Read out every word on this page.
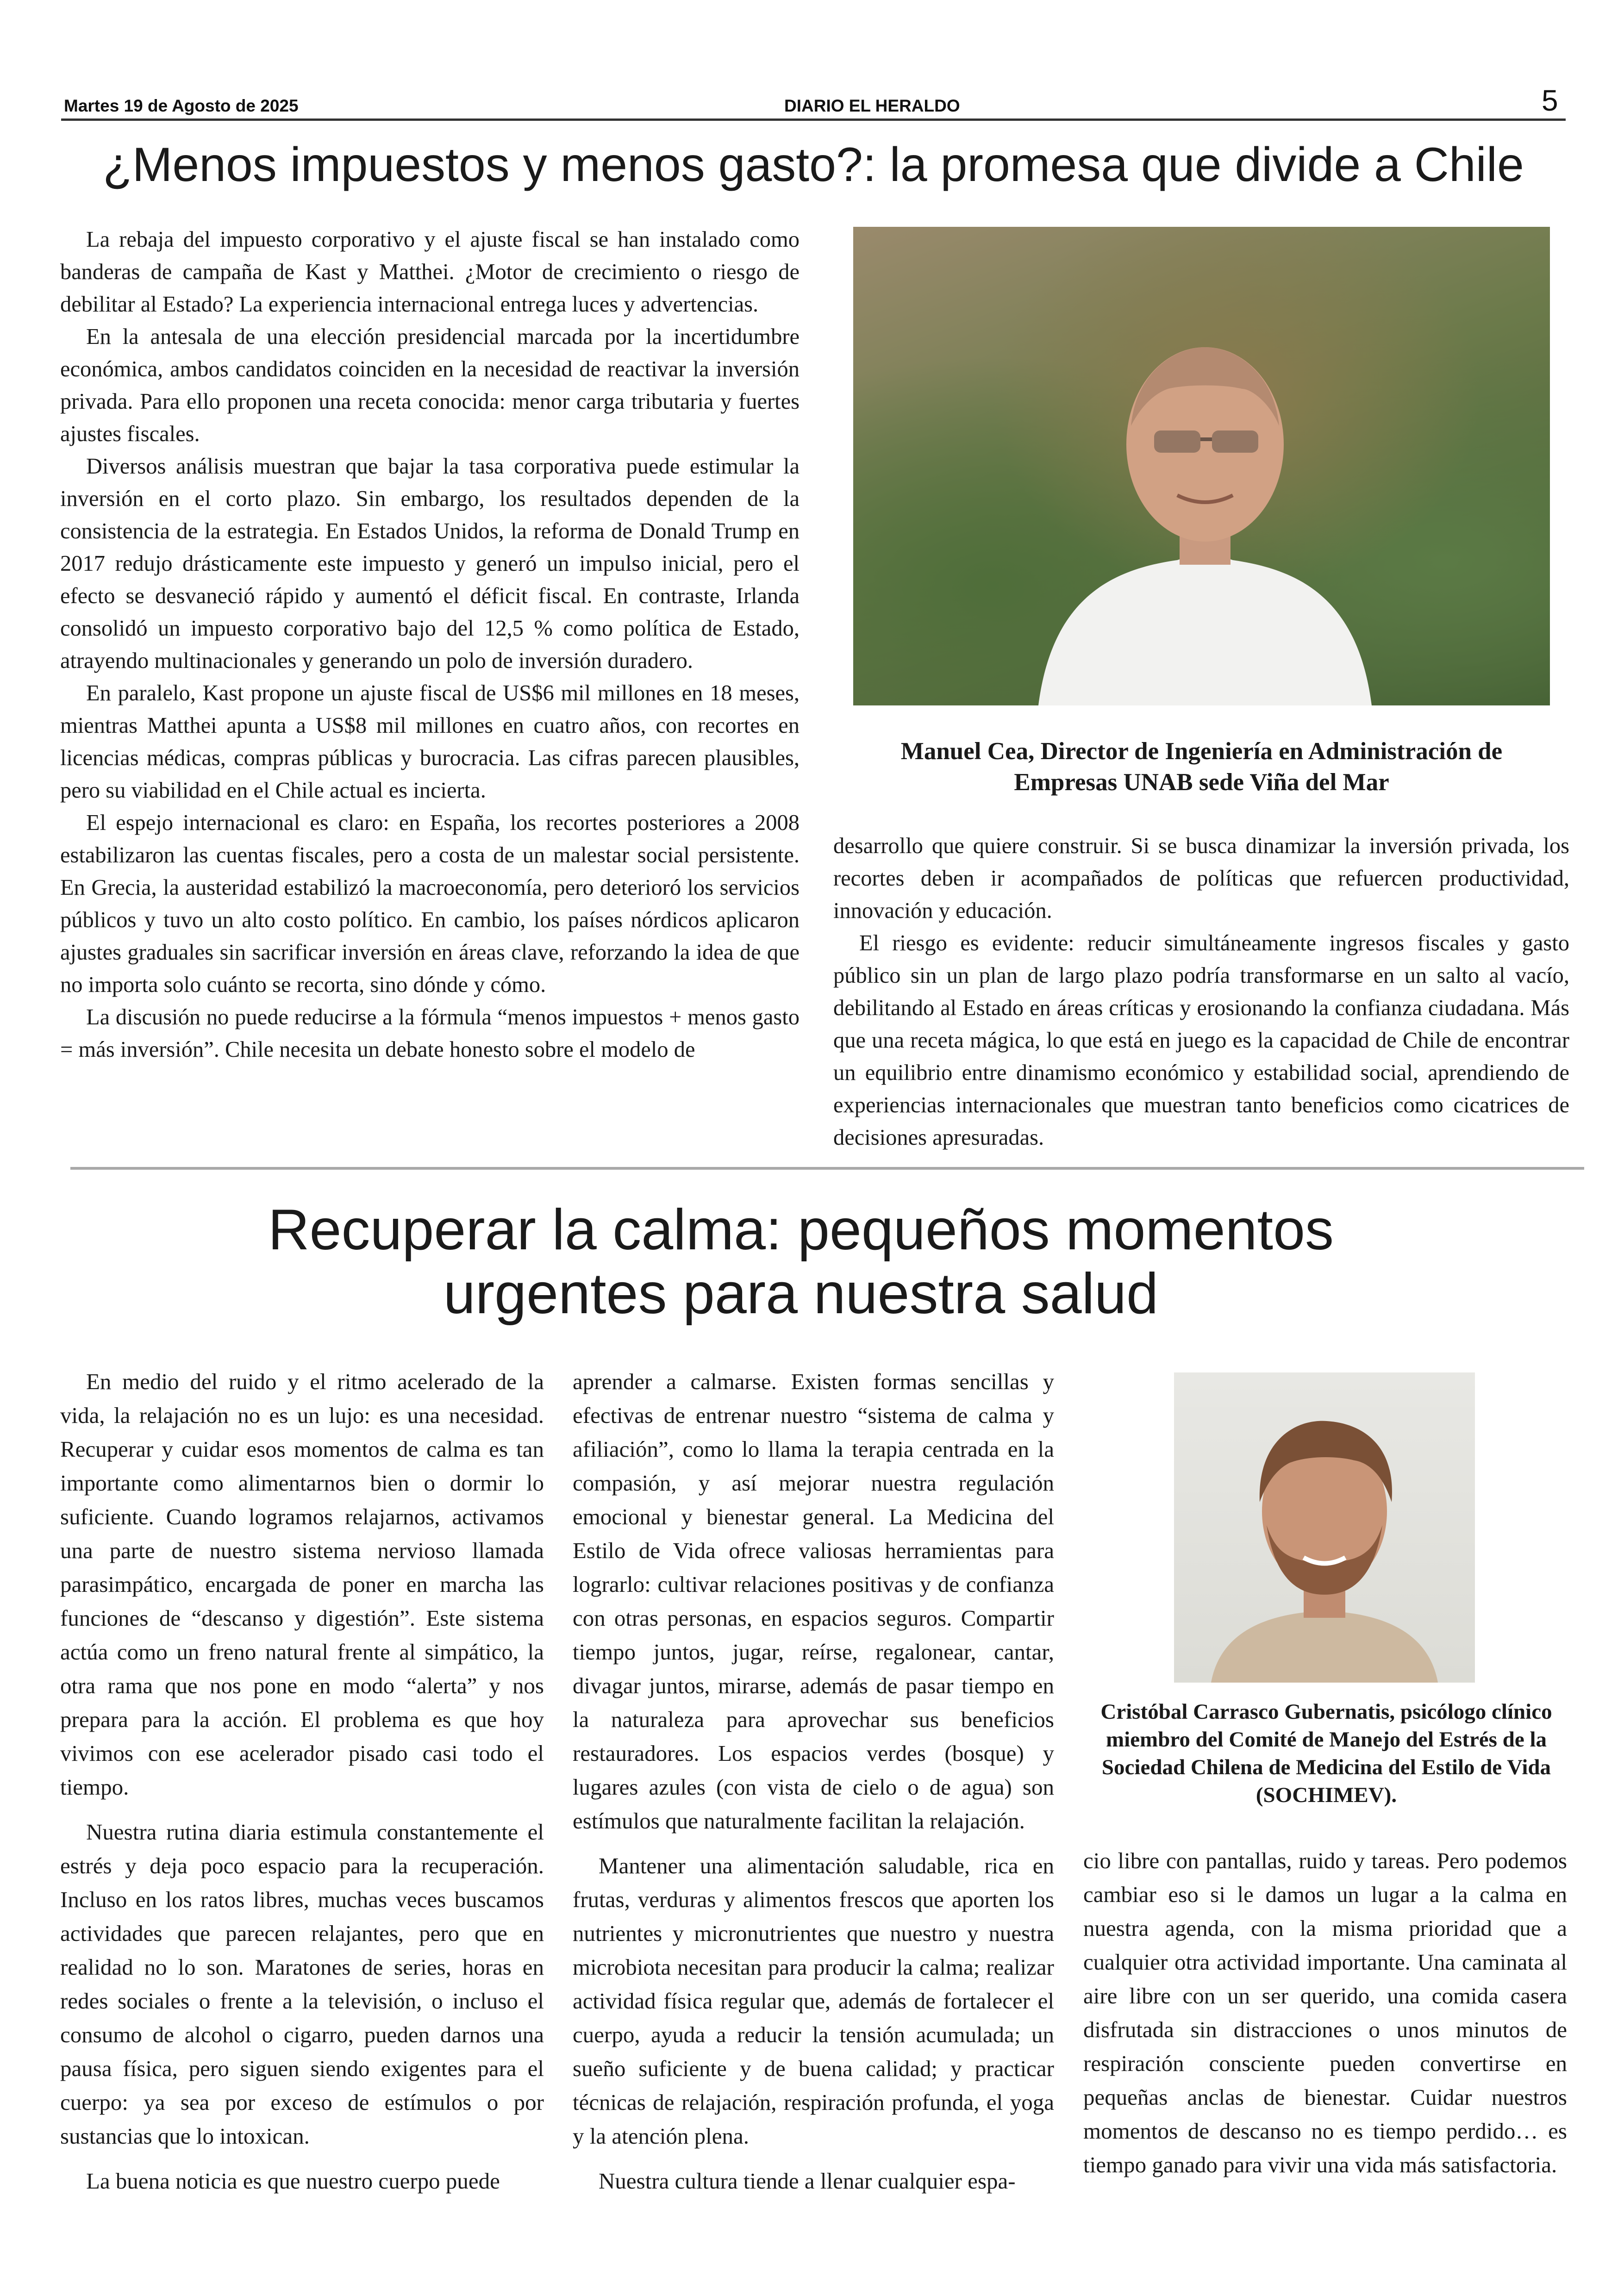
Martes 19 de Agosto de 2025	DIARIO EL HERALDO	5
¿Menos impuestos y menos gasto?: la promesa que divide a Chile

La rebaja del impuesto corporativo y el ajuste fiscal se han instalado como banderas de campaña de Kast y Matthei. ¿Motor de crecimiento o riesgo de debilitar al Estado? La experiencia internacional entrega luces y advertencias.

En la antesala de una elección presidencial marcada por la incertidumbre económica, ambos candidatos coinciden en la necesidad de reactivar la inversión privada. Para ello proponen una receta conocida: menor carga tributaria y fuertes ajustes fiscales.

Diversos análisis muestran que bajar la tasa corporativa puede estimular la inversión en el corto plazo. Sin embargo, los resultados dependen de la consistencia de la estrategia. En Estados Unidos, la reforma de Donald Trump en 2017 redujo drásticamente este impuesto y generó un impulso inicial, pero el efecto se desvaneció rápido y aumentó el déficit fiscal. En contraste, Irlanda consolidó un impuesto corporativo bajo del 12,5 % como política de Estado, atrayendo multinacionales y generando un polo de inversión duradero.

En paralelo, Kast propone un ajuste fiscal de US$6 mil millones en 18 meses, mientras Matthei apunta a US$8 mil millones en cuatro años, con recortes en licencias médicas, compras públicas y burocracia. Las cifras parecen plausibles, pero su viabilidad en el Chile actual es incierta.

El espejo internacional es claro: en España, los recortes posteriores a 2008 estabilizaron las cuentas fiscales, pero a costa de un malestar social persistente. En Grecia, la austeridad estabilizó la macroeconomía, pero deterioró los servicios públicos y tuvo un alto costo político. En cambio, los países nórdicos aplicaron ajustes graduales sin sacrificar inversión en áreas clave, reforzando la idea de que no importa solo cuánto se recorta, sino dónde y cómo.

La discusión no puede reducirse a la fórmula “menos impuestos + menos gasto = más inversión”. Chile necesita un debate honesto sobre el modelo de

Manuel Cea, Director de Ingeniería en Administración de Empresas UNAB sede Viña del Mar

desarrollo que quiere construir. Si se busca dinamizar la inversión privada, los recortes deben ir acompañados de políticas que refuercen productividad, innovación y educación.

El riesgo es evidente: reducir simultáneamente ingresos fiscales y gasto público sin un plan de largo plazo podría transformarse en un salto al vacío, debilitando al Estado en áreas críticas y erosionando la confianza ciudadana. Más que una receta mágica, lo que está en juego es la capacidad de Chile de encontrar un equilibrio entre dinamismo económico y estabilidad social, aprendiendo de experiencias internacionales que muestran tanto beneficios como cicatrices de decisiones apresuradas.

Recuperar la calma: pequeños momentos urgentes para nuestra salud

En medio del ruido y el ritmo acelerado de la vida, la relajación no es un lujo: es una necesidad. Recuperar y cuidar esos momentos de calma es tan importante como alimentarnos bien o dormir lo suficiente. Cuando logramos relajarnos, activamos una parte de nuestro sistema nervioso llamada parasimpático, encargada de poner en marcha las funciones de “descanso y digestión”. Este sistema actúa como un freno natural frente al simpático, la otra rama que nos pone en modo “alerta” y nos prepara para la acción. El problema es que hoy vivimos con ese acelerador pisado casi todo el tiempo.

Nuestra rutina diaria estimula constantemente el estrés y deja poco espacio para la recuperación. Incluso en los ratos libres, muchas veces buscamos actividades que parecen relajantes, pero que en realidad no lo son. Maratones de series, horas en redes sociales o frente a la televisión, o incluso el consumo de alcohol o cigarro, pueden darnos una pausa física, pero siguen siendo exigentes para el cuerpo: ya sea por exceso de estímulos o por sustancias que lo intoxican.

La buena noticia es que nuestro cuerpo puede

aprender a calmarse. Existen formas sencillas y efectivas de entrenar nuestro “sistema de calma y afiliación”, como lo llama la terapia centrada en la compasión, y así mejorar nuestra regulación emocional y bienestar general. La Medicina del Estilo de Vida ofrece valiosas herramientas para lograrlo: cultivar relaciones positivas y de confianza con otras personas, en espacios seguros. Compartir tiempo juntos, jugar, reírse, regalonear, cantar, divagar juntos, mirarse, además de pasar tiempo en la naturaleza para aprovechar sus beneficios restauradores. Los espacios verdes (bosque) y lugares azules (con vista de cielo o de agua) son estímulos que naturalmente facilitan la relajación.

Mantener una alimentación saludable, rica en frutas, verduras y alimentos frescos que aporten los nutrientes y micronutrientes que nuestro y nuestra microbiota necesitan para producir la calma; realizar actividad física regular que, además de fortalecer el cuerpo, ayuda a reducir la tensión acumulada; un sueño suficiente y de buena calidad; y practicar técnicas de relajación, respiración profunda, el yoga y la atención plena.

Nuestra cultura tiende a llenar cualquier espa-

Cristóbal Carrasco Gubernatis, psicólogo clínico miembro del Comité de Manejo del Estrés de la Sociedad Chilena de Medicina del Estilo de Vida (SOCHIMEV).

cio libre con pantallas, ruido y tareas. Pero podemos cambiar eso si le damos un lugar a la calma en nuestra agenda, con la misma prioridad que a cualquier otra actividad importante. Una caminata al aire libre con un ser querido, una comida casera disfrutada sin distracciones o unos minutos de respiración consciente pueden convertirse en pequeñas anclas de bienestar. Cuidar nuestros momentos de descanso no es tiempo perdido… es tiempo ganado para vivir una vida más satisfactoria.
